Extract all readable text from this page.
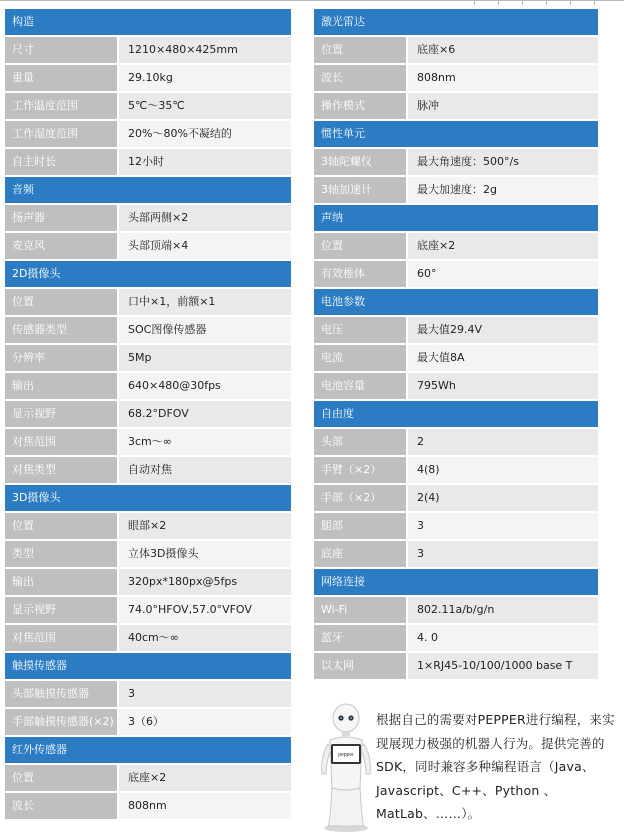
构造
尺寸	1210×480×425mm
重量	29.10kg
工作温度范围	5℃～35℃
工作湿度范围	20%～80%不凝结的
自主时长	12小时
音频
扬声器	头部两侧×2
麦克风	头部顶端×4
2D摄像头
位置	口中×1，前额×1
传感器类型	SOC图像传感器
分辨率	5Mp
输出	640×480@30fps
显示视野	68.2°DFOV
对焦范围	3cm～∞
对焦类型	自动对焦
3D摄像头
位置	眼部×2
类型	立体3D摄像头
输出	320px*180px@5fps
显示视野	74.0°HFOV,57.0°VFOV
对焦范围	40cm～∞
触摸传感器
头部触摸传感器	3
手部触摸传感器(×2)	3（6）
红外传感器
位置	底座×2
波长	808nm
激光雷达
位置	底座×6
波长	808nm
操作模式	脉冲
惯性单元
3轴陀螺仪	最大角速度：500°/s
3轴加速计	最大加速度：2g
声纳
位置	底座×2
有效椎体	60°
电池参数
电压	最大值29.4V
电流	最大值8A
电池容量	795Wh
自由度
头部	2
手臂（×2）	4(8)
手部（×2）	2(4)
腿部	3
底座	3
网络连接
Wi-Fi	802.11a/b/g/n
蓝牙	4. 0
以太网	1×RJ45-10/100/1000 base T
pepper
根据自己的需要对PEPPER进行编程，来实现展现力极强的机器人行为。提供完善的SDK，同时兼容多种编程语言（Java、Javascript、C++、Python 、MatLab、……）。
